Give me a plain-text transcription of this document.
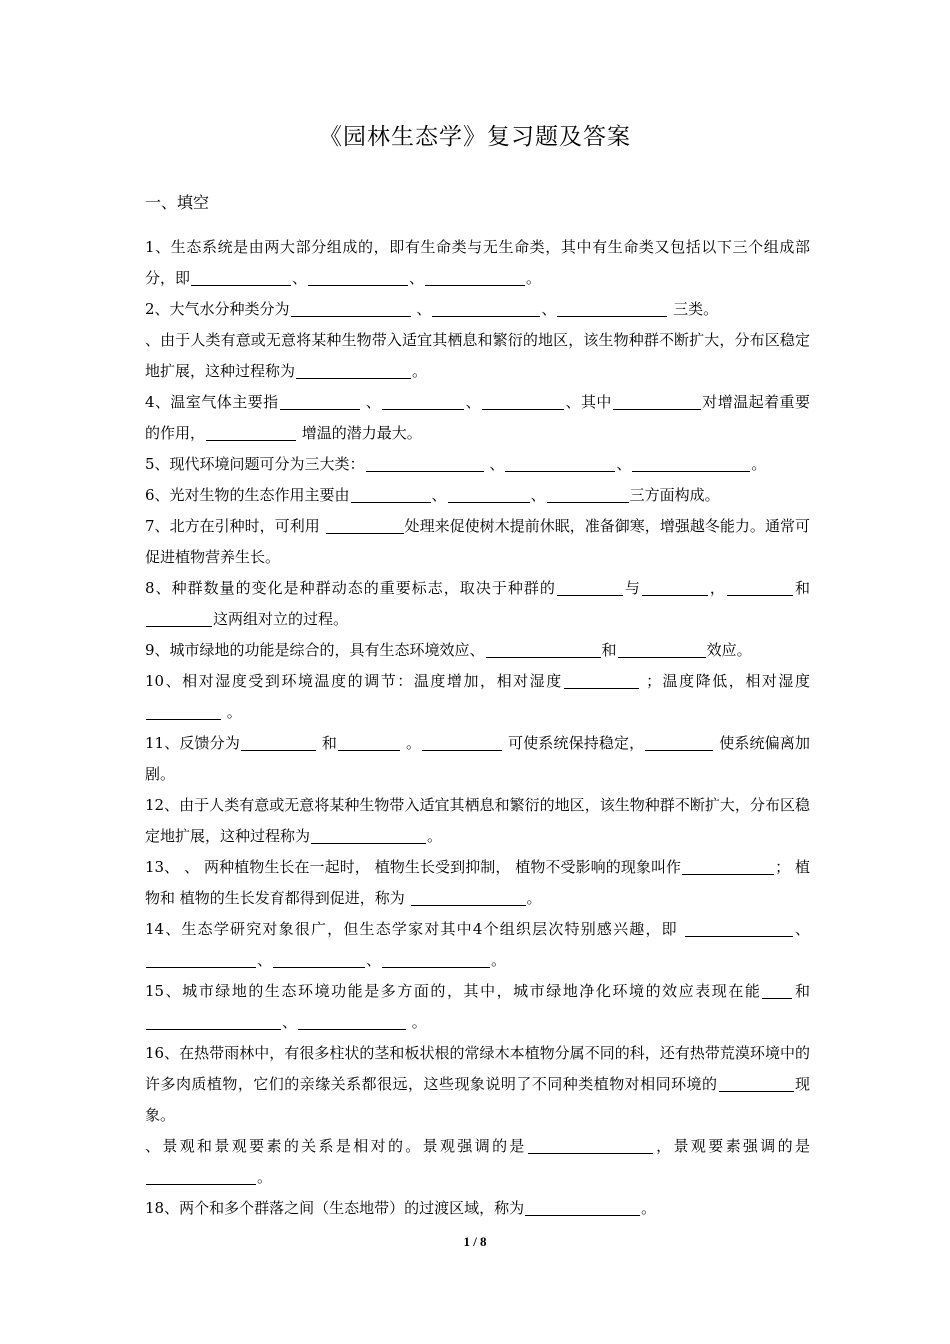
《园林生态学》复习题及答案
一、填空

1、生态系统是由两大部分组成的，即有生命类与无生命类，其中有生命类又包括以下三个组成部分，即	、	、	。

2、大气水分种类分为	、	、	三类。

、由于人类有意或无意将某种生物带入适宜其栖息和繁衍的地区，该生物种群不断扩大，分布区稳定地扩展，这种过程称为	。

4、温室气体主要指	、	、	、其中	对增温起着重要的作用，	增温的潜力最大。

5、现代环境问题可分为三大类：	、	、	。

6、光对生物的生态作用主要由	、	、	三方面构成。

7、北方在引种时，可利用	处理来促使树木提前休眠，准备御寒，增强越冬能力。通常可促进植物营养生长。

8、种群数量的变化是种群动态的重要标志，取决于种群的	与	，	和这两组对立的过程。

9、城市绿地的功能是综合的，具有生态环境效应、	和	效应。

10、相对湿度受到环境温度的调节：温度增加，相对湿度	；温度降低，相对湿度 。

11、反馈分为	和	。	可使系统保持稳定，	使系统偏离加剧。

12、由于人类有意或无意将某种生物带入适宜其栖息和繁衍的地区，该生物种群不断扩大，分布区稳定地扩展，这种过程称为	。

13、 、 两种植物生长在一起时， 植物生长受到抑制， 植物不受影响的现象叫作	； 植物和 植物的生长发育都得到促进，称为	。

14、生态学研究对象很广，但生态学家对其中4个组织层次特别感兴趣，即	、、	、	。

15、城市绿地的生态环境功能是多方面的，其中，城市绿地净化环境的效应表现在能 和、	。

16、在热带雨林中，有很多柱状的茎和板状根的常绿木本植物分属不同的科，还有热带荒漠环境中的许多肉质植物，它们的亲缘关系都很远，这些现象说明了不同种类植物对相同环境的	现象。

、景观和景观要素的关系是相对的。景观强调的是	，景观要素强调的是。

18、两个和多个群落之间（生态地带）的过渡区域，称为	。

1 / 8
